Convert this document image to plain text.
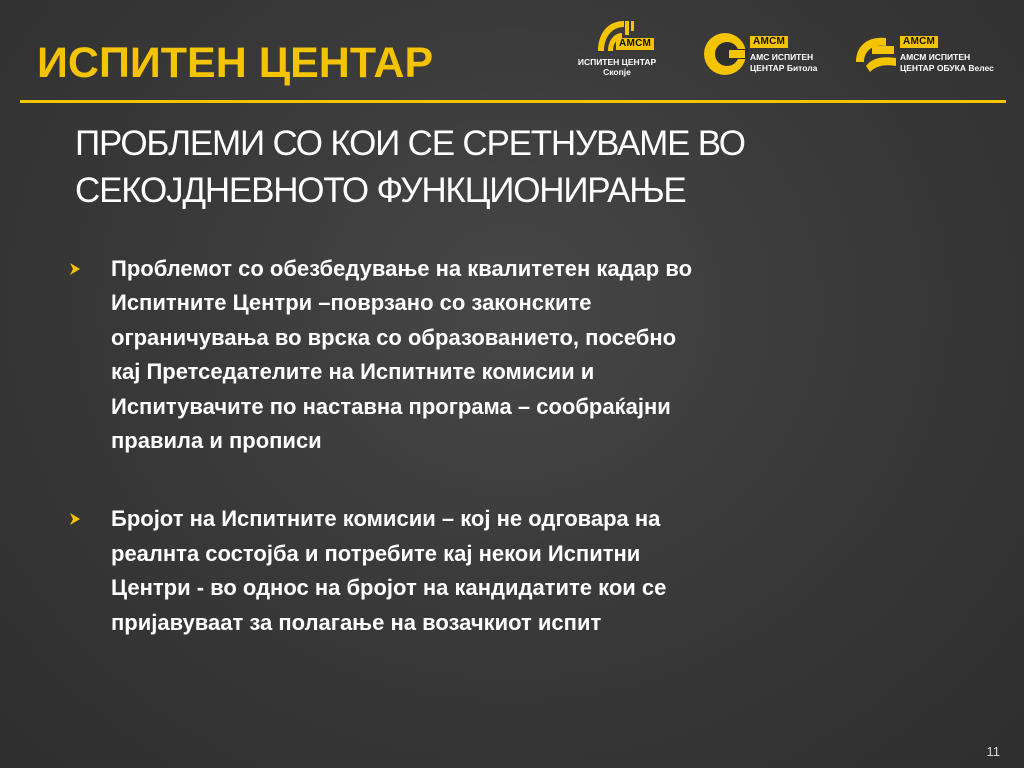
ИСПИТЕН ЦЕНТАР	АМСМ
ИСПИТЕН ЦЕНТАР
Скопје
АМСМ
АМС ИСПИТЕН
ЦЕНТАР Битола
АМСМ
АМСМ ИСПИТЕН
ЦЕНТАР ОБУКА Велес
ПРОБЛЕМИ СО КОИ СЕ СРЕТНУВАМЕ ВО
СЕКОЈДНЕВНОТО ФУНКЦИОНИРАЊЕ
Проблемот со обезбедување на квалитетен кадар во
Испитните Центри –поврзано со законските
ограничувања во врска со образованието, посебно
кај Претседателите на Испитните комисии и
Испитувачите по наставна програма – сообраќајни
правила и прописи
Бројот на Испитните комисии – кој не одговара на
реалнта состојба и потребите кај некои Испитни
Центри - во однос на бројот на кандидатите кои се
пријавуваат за полагање на возачкиот испит
11
